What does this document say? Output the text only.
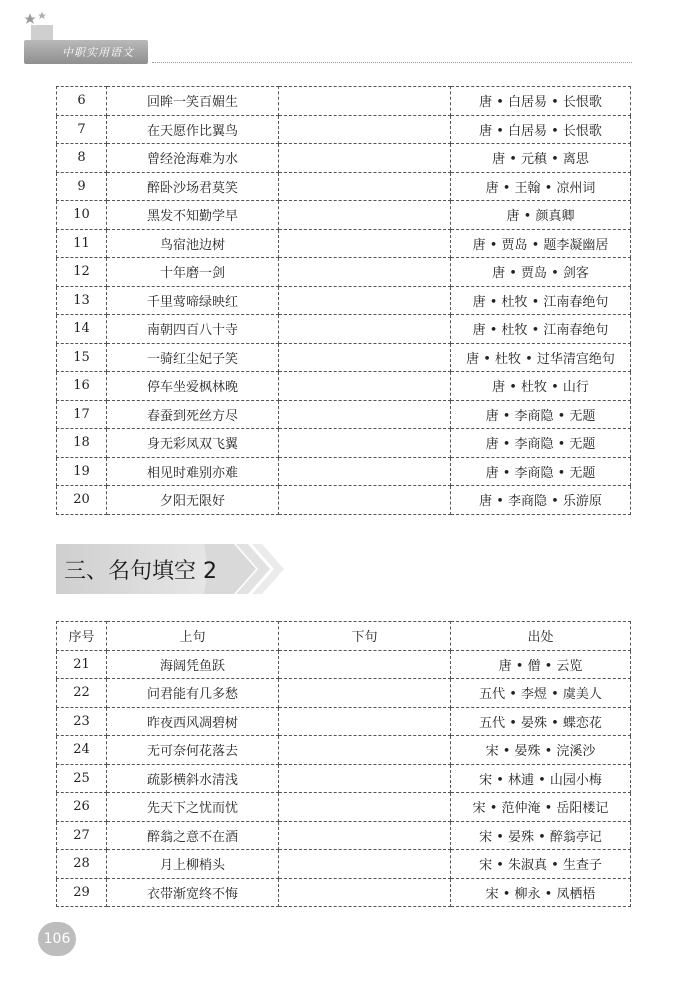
中职实用语文
6	回眸一笑百媚生		唐 • 白居易 • 长恨歌
7	在天愿作比翼鸟		唐 • 白居易 • 长恨歌
8	曾经沧海难为水		唐 • 元稹 • 离思
9	醉卧沙场君莫笑		唐 • 王翰 • 凉州词
10	黑发不知勤学早		唐 • 颜真卿
11	鸟宿池边树		唐 • 贾岛 • 题李凝幽居
12	十年磨一剑		唐 • 贾岛 • 剑客
13	千里莺啼绿映红		唐 • 杜牧 • 江南春绝句
14	南朝四百八十寺		唐 • 杜牧 • 江南春绝句
15	一骑红尘妃子笑		唐 • 杜牧 • 过华清宫绝句
16	停车坐爱枫林晚		唐 • 杜牧 • 山行
17	春蚕到死丝方尽		唐 • 李商隐 • 无题
18	身无彩凤双飞翼		唐 • 李商隐 • 无题
19	相见时难别亦难		唐 • 李商隐 • 无题
20	夕阳无限好		唐 • 李商隐 • 乐游原
三、名句填空 2
序号	上句	下句	出处
21	海阔凭鱼跃		唐 • 僧 • 云览
22	问君能有几多愁		五代 • 李煜 • 虞美人
23	昨夜西风凋碧树		五代 • 晏殊 • 蝶恋花
24	无可奈何花落去		宋 • 晏殊 • 浣溪沙
25	疏影横斜水清浅		宋 • 林逋 • 山园小梅
26	先天下之忧而忧		宋 • 范仲淹 • 岳阳楼记
27	醉翁之意不在酒		宋 • 晏殊 • 醉翁亭记
28	月上柳梢头		宋 • 朱淑真 • 生查子
29	衣带渐宽终不悔		宋 • 柳永 • 凤栖梧
106
